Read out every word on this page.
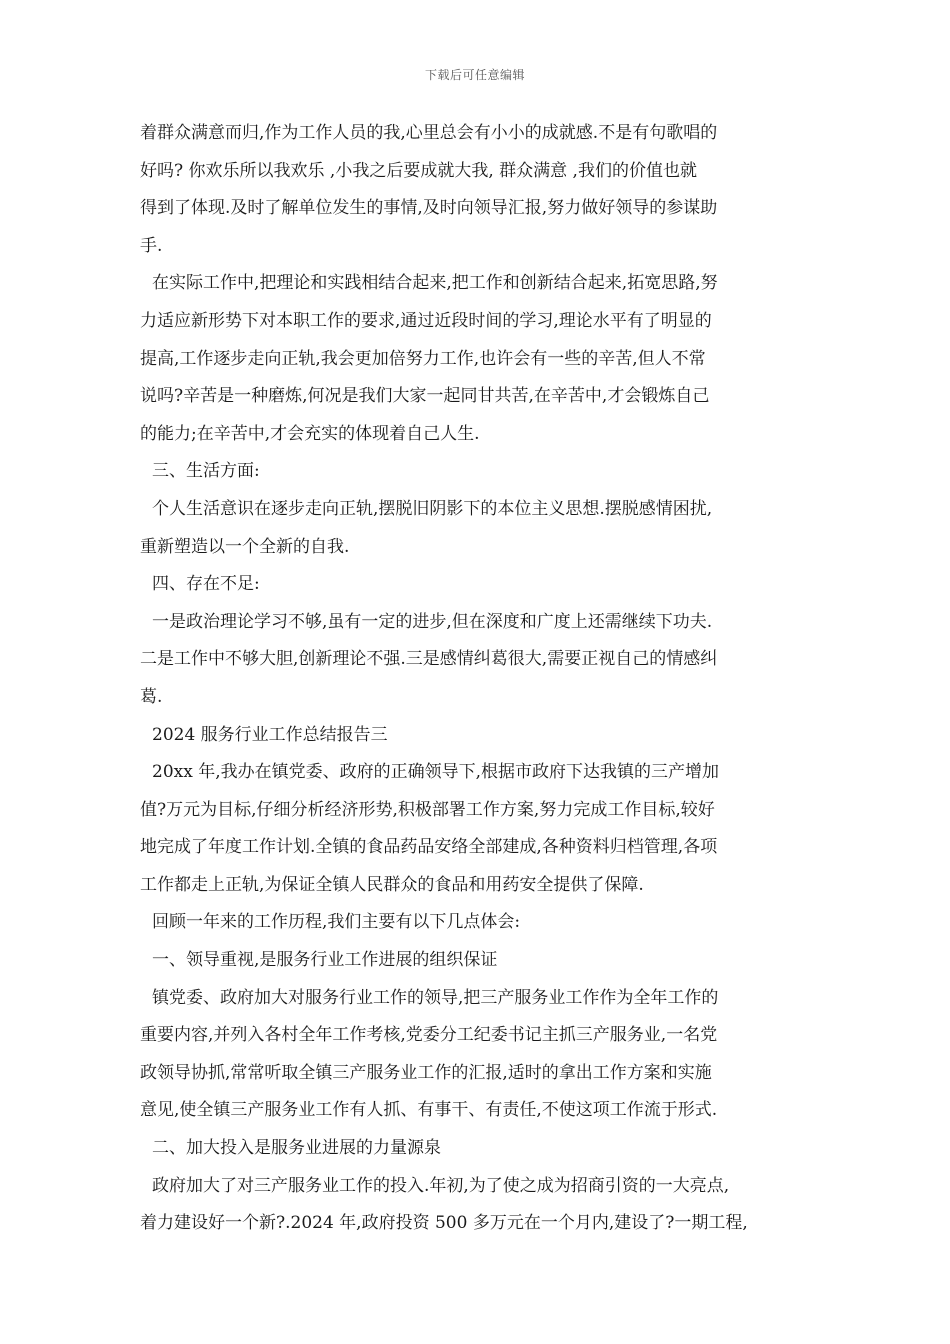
下载后可任意编辑
着群众满意而归,作为工作人员的我,心里总会有小小的成就感.不是有句歌唱的
好吗? 你欢乐所以我欢乐 ,小我之后要成就大我, 群众满意 ,我们的价值也就
得到了体现.及时了解单位发生的事情,及时向领导汇报,努力做好领导的参谋助
手.
在实际工作中,把理论和实践相结合起来,把工作和创新结合起来,拓宽思路,努
力适应新形势下对本职工作的要求,通过近段时间的学习,理论水平有了明显的
提高,工作逐步走向正轨,我会更加倍努力工作,也许会有一些的辛苦,但人不常
说吗?辛苦是一种磨炼,何况是我们大家一起同甘共苦,在辛苦中,才会锻炼自己
的能力;在辛苦中,才会充实的体现着自己人生.
三、生活方面:
个人生活意识在逐步走向正轨,摆脱旧阴影下的本位主义思想.摆脱感情困扰,
重新塑造以一个全新的自我.
四、存在不足:
一是政治理论学习不够,虽有一定的进步,但在深度和广度上还需继续下功夫.
二是工作中不够大胆,创新理论不强.三是感情纠葛很大,需要正视自己的情感纠
葛.
2024 服务行业工作总结报告三
20xx 年,我办在镇党委、政府的正确领导下,根据市政府下达我镇的三产增加
值?万元为目标,仔细分析经济形势,积极部署工作方案,努力完成工作目标,较好
地完成了年度工作计划.全镇的食品药品安络全部建成,各种资料归档管理,各项
工作都走上正轨,为保证全镇人民群众的食品和用药安全提供了保障.
回顾一年来的工作历程,我们主要有以下几点体会:
一、领导重视,是服务行业工作进展的组织保证
镇党委、政府加大对服务行业工作的领导,把三产服务业工作作为全年工作的
重要内容,并列入各村全年工作考核,党委分工纪委书记主抓三产服务业,一名党
政领导协抓,常常听取全镇三产服务业工作的汇报,适时的拿出工作方案和实施
意见,使全镇三产服务业工作有人抓、有事干、有责任,不使这项工作流于形式.
二、加大投入是服务业进展的力量源泉
政府加大了对三产服务业工作的投入.年初,为了使之成为招商引资的一大亮点,
着力建设好一个新?.2024 年,政府投资 500 多万元在一个月内,建设了?一期工程,
